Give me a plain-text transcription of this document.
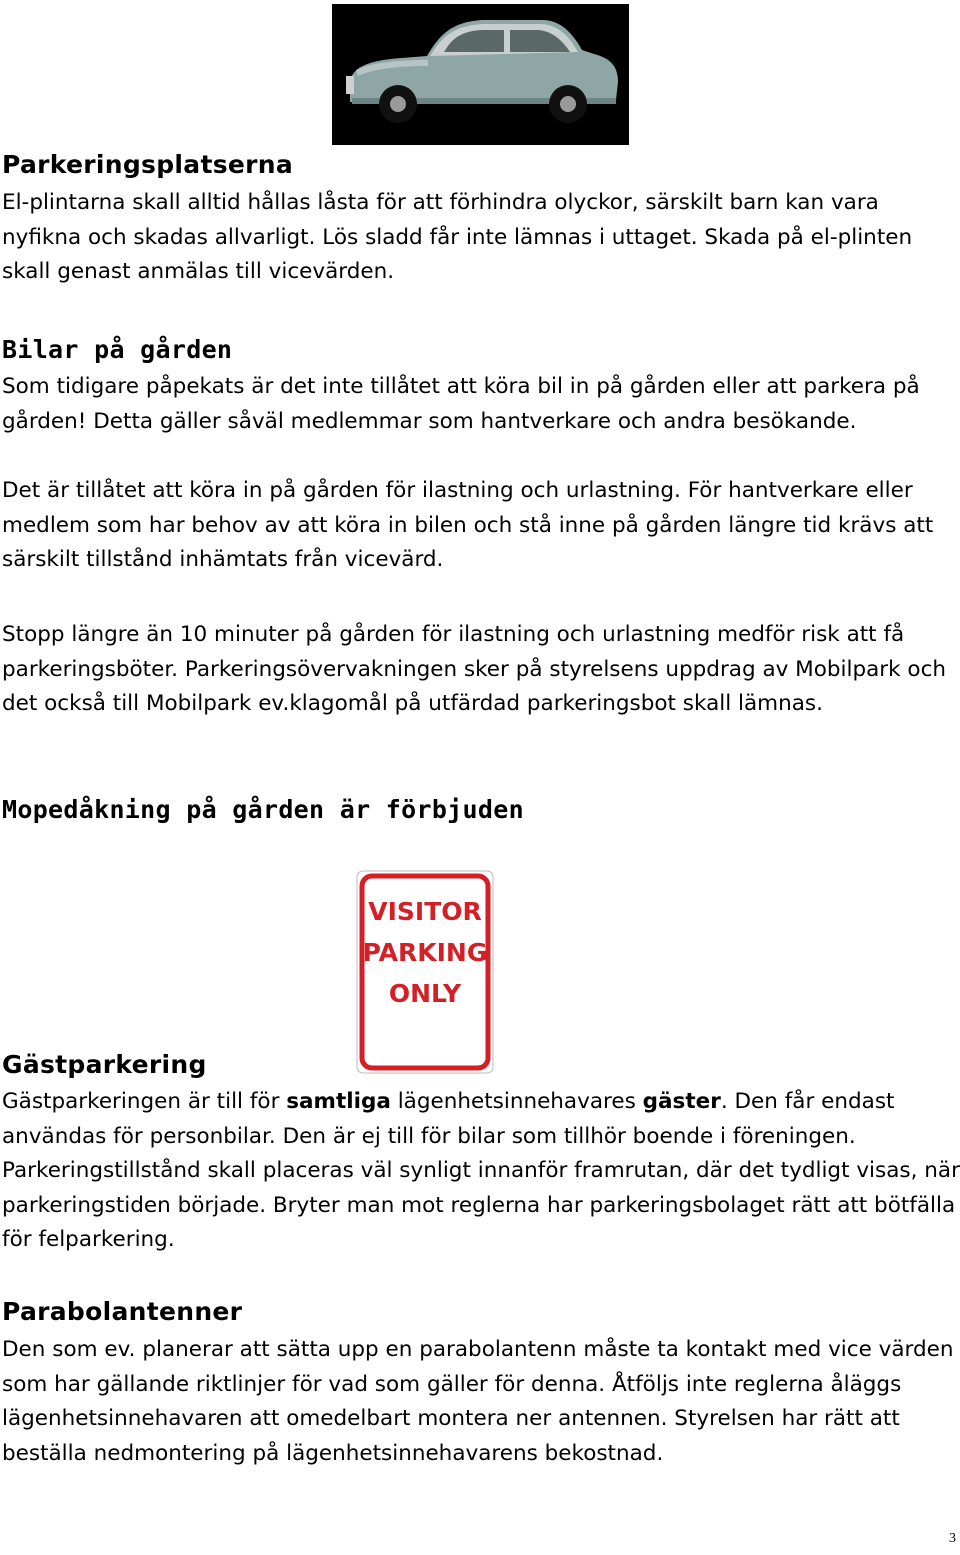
Parkeringsplatserna

El-plintarna skall alltid hållas låsta för att förhindra olyckor, särskilt barn kan vara nyfikna och skadas allvarligt. Lös sladd får inte lämnas i uttaget. Skada på el-plinten skall genast anmälas till vicevärden.

Bilar på gården

Som tidigare påpekats är det inte tillåtet att köra bil in på gården eller att parkera på gården! Detta gäller såväl medlemmar som hantverkare och andra besökande.

Det är tillåtet att köra in på gården för ilastning och urlastning. För hantverkare eller medlem som har behov av att köra in bilen och stå inne på gården längre tid krävs att särskilt tillstånd inhämtats från vicevärd.

Stopp längre än 10 minuter på gården för ilastning och urlastning medför risk att få parkeringsböter. Parkeringsövervakningen sker på styrelsens uppdrag av Mobilpark och det också till Mobilpark ev.klagomål på utfärdad parkeringsbot skall lämnas.

Mopedåkning på gården är förbjuden
VISITOR
PARKING
ONLY
Gästparkering

Gästparkeringen är till för samtliga lägenhetsinnehavares gäster. Den får endast användas för personbilar. Den är ej till för bilar som tillhör boende i föreningen. Parkeringstillstånd skall placeras väl synligt innanför framrutan, där det tydligt visas, när parkeringstiden började. Bryter man mot reglerna har parkeringsbolaget rätt att bötfälla för felparkering.

Parabolantenner

Den som ev. planerar att sätta upp en parabolantenn måste ta kontakt med vice värden som har gällande riktlinjer för vad som gäller för denna. Åtföljs inte reglerna åläggs lägenhetsinnehavaren att omedelbart montera ner antennen. Styrelsen har rätt att beställa nedmontering på lägenhetsinnehavarens bekostnad.

3
